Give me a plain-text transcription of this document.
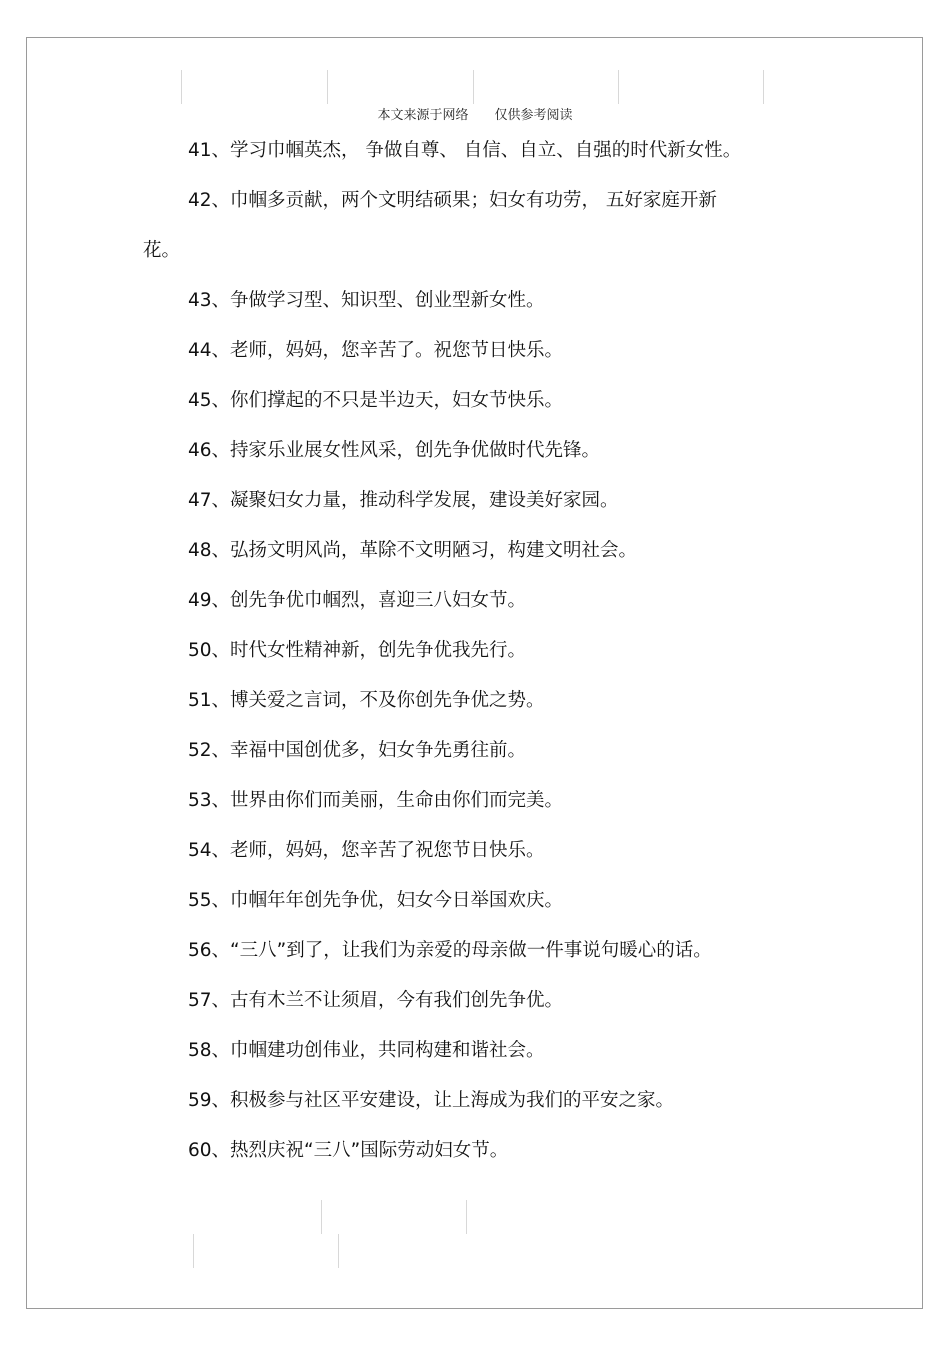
本文来源于网络 仅供参考阅读
41、学习巾帼英杰， 争做自尊、 自信、自立、自强的时代新女性。
42、巾帼多贡献，两个文明结硕果；妇女有功劳， 五好家庭开新
花。
43、争做学习型、知识型、创业型新女性。
44、老师，妈妈，您辛苦了。祝您节日快乐。
45、你们撑起的不只是半边天，妇女节快乐。
46、持家乐业展女性风采，创先争优做时代先锋。
47、凝聚妇女力量，推动科学发展，建设美好家园。
48、弘扬文明风尚，革除不文明陋习，构建文明社会。
49、创先争优巾帼烈，喜迎三八妇女节。
50、时代女性精神新，创先争优我先行。
51、博关爱之言词，不及你创先争优之势。
52、幸福中国创优多，妇女争先勇往前。
53、世界由你们而美丽，生命由你们而完美。
54、老师，妈妈，您辛苦了祝您节日快乐。
55、巾帼年年创先争优，妇女今日举国欢庆。
56、“三八”到了，让我们为亲爱的母亲做一件事说句暖心的话。
57、古有木兰不让须眉，今有我们创先争优。
58、巾帼建功创伟业，共同构建和谐社会。
59、积极参与社区平安建设，让上海成为我们的平安之家。
60、热烈庆祝“三八”国际劳动妇女节。
